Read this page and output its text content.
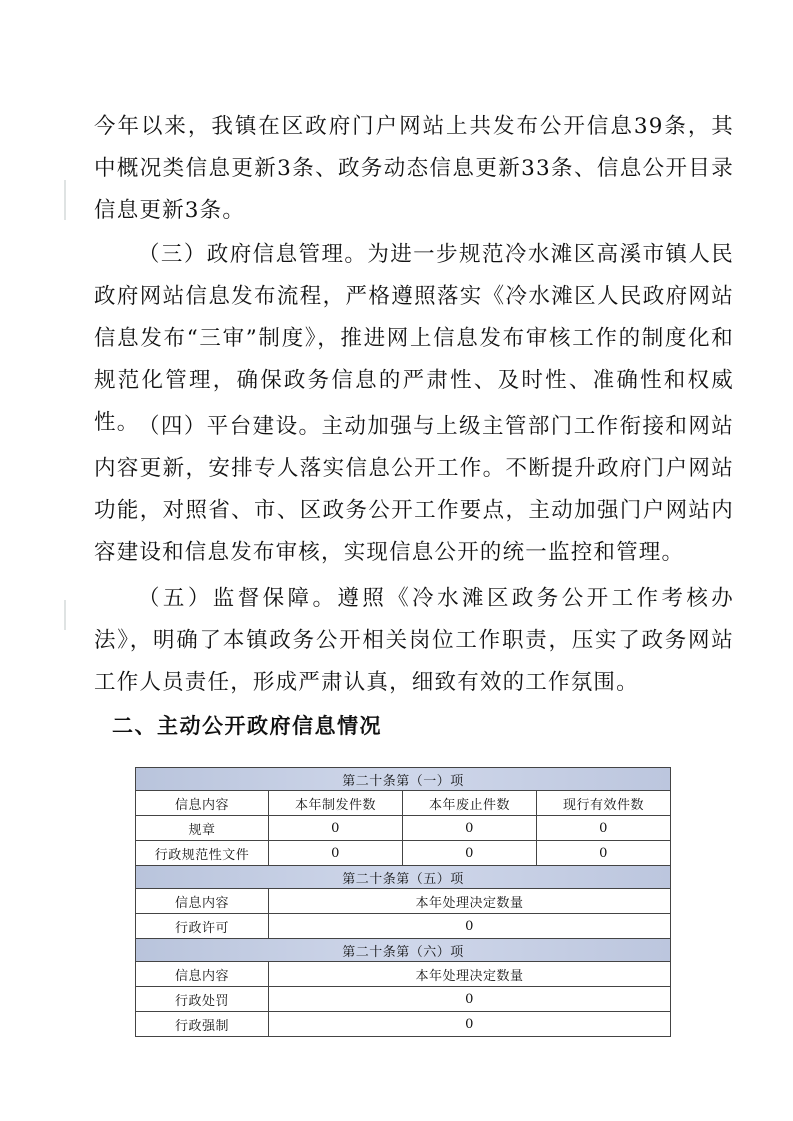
今年以来，我镇在区政府门户网站上共发布公开信息39条，其中概况类信息更新3条、政务动态信息更新33条、信息公开目录信息更新3条。

（三）政府信息管理。为进一步规范冷水滩区高溪市镇人民政府网站信息发布流程，严格遵照落实《冷水滩区人民政府网站信息发布“三审”制度》，推进网上信息发布审核工作的制度化和规范化管理，确保政务信息的严肃性、及时性、准确性和权威性。

（四）平台建设。主动加强与上级主管部门工作衔接和网站内容更新，安排专人落实信息公开工作。不断提升政府门户网站功能，对照省、市、区政务公开工作要点，主动加强门户网站内容建设和信息发布审核，实现信息公开的统一监控和管理。

（五）监督保障。遵照《冷水滩区政务公开工作考核办法》，明确了本镇政务公开相关岗位工作职责，压实了政务网站工作人员责任，形成严肃认真，细致有效的工作氛围。

二、主动公开政府信息情况
第二十条第（一）项			
信息内容	本年制发件数	本年废止件数	现行有效件数
规章	0	0	0
行政规范性文件	0	0	0
第二十条第（五）项			
信息内容	本年处理决定数量		
行政许可	0		
第二十条第（六）项			
信息内容	本年处理决定数量		
行政处罚	0		
行政强制	0		
